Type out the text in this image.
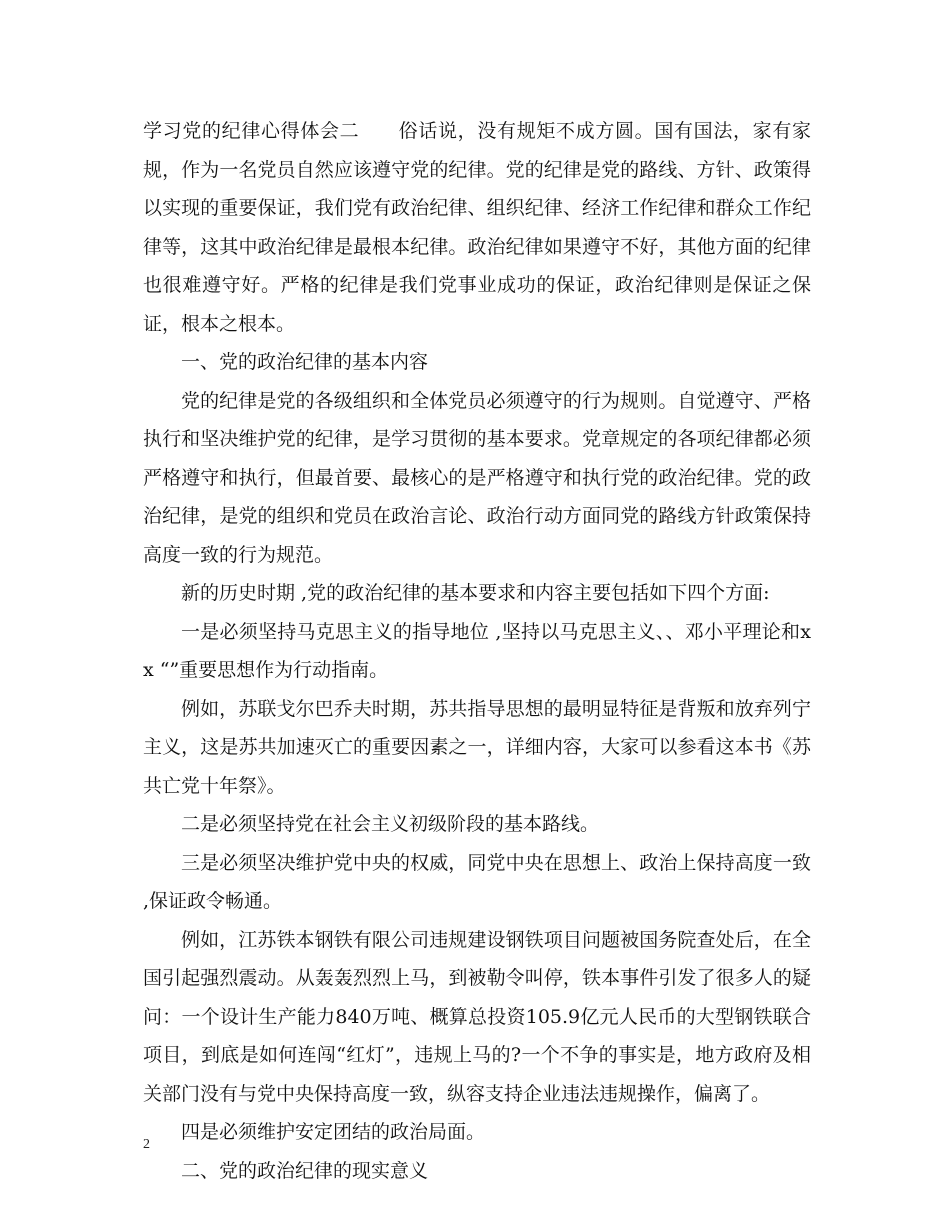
学习党的纪律心得体会二　　俗话说，没有规矩不成方圆。国有国法，家有家规，作为一名党员自然应该遵守党的纪律。党的纪律是党的路线、方针、政策得以实现的重要保证，我们党有政治纪律、组织纪律、经济工作纪律和群众工作纪律等，这其中政治纪律是最根本纪律。政治纪律如果遵守不好，其他方面的纪律也很难遵守好。严格的纪律是我们党事业成功的保证，政治纪律则是保证之保证，根本之根本。

一、党的政治纪律的基本内容

党的纪律是党的各级组织和全体党员必须遵守的行为规则。自觉遵守、严格执行和坚决维护党的纪律，是学习贯彻的基本要求。党章规定的各项纪律都必须严格遵守和执行，但最首要、最核心的是严格遵守和执行党的政治纪律。党的政治纪律，是党的组织和党员在政治言论、政治行动方面同党的路线方针政策保持高度一致的行为规范。

新的历史时期 ,党的政治纪律的基本要求和内容主要包括如下四个方面:

一是必须坚持马克思主义的指导地位 ,坚持以马克思主义、、邓小平理论和xx “”重要思想作为行动指南。

例如，苏联戈尔巴乔夫时期，苏共指导思想的最明显特征是背叛和放弃列宁主义，这是苏共加速灭亡的重要因素之一，详细内容，大家可以参看这本书《苏共亡党十年祭》。

二是必须坚持党在社会主义初级阶段的基本路线。

三是必须坚决维护党中央的权威，同党中央在思想上、政治上保持高度一致 ,保证政令畅通。

例如，江苏铁本钢铁有限公司违规建设钢铁项目问题被国务院查处后，在全国引起强烈震动。从轰轰烈烈上马，到被勒令叫停，铁本事件引发了很多人的疑问：一个设计生产能力840万吨、概算总投资105.9亿元人民币的大型钢铁联合项目，到底是如何连闯“红灯”，违规上马的?一个不争的事实是，地方政府及相关部门没有与党中央保持高度一致，纵容支持企业违法违规操作，偏离了。

四是必须维护安定团结的政治局面。

二、党的政治纪律的现实意义

2
